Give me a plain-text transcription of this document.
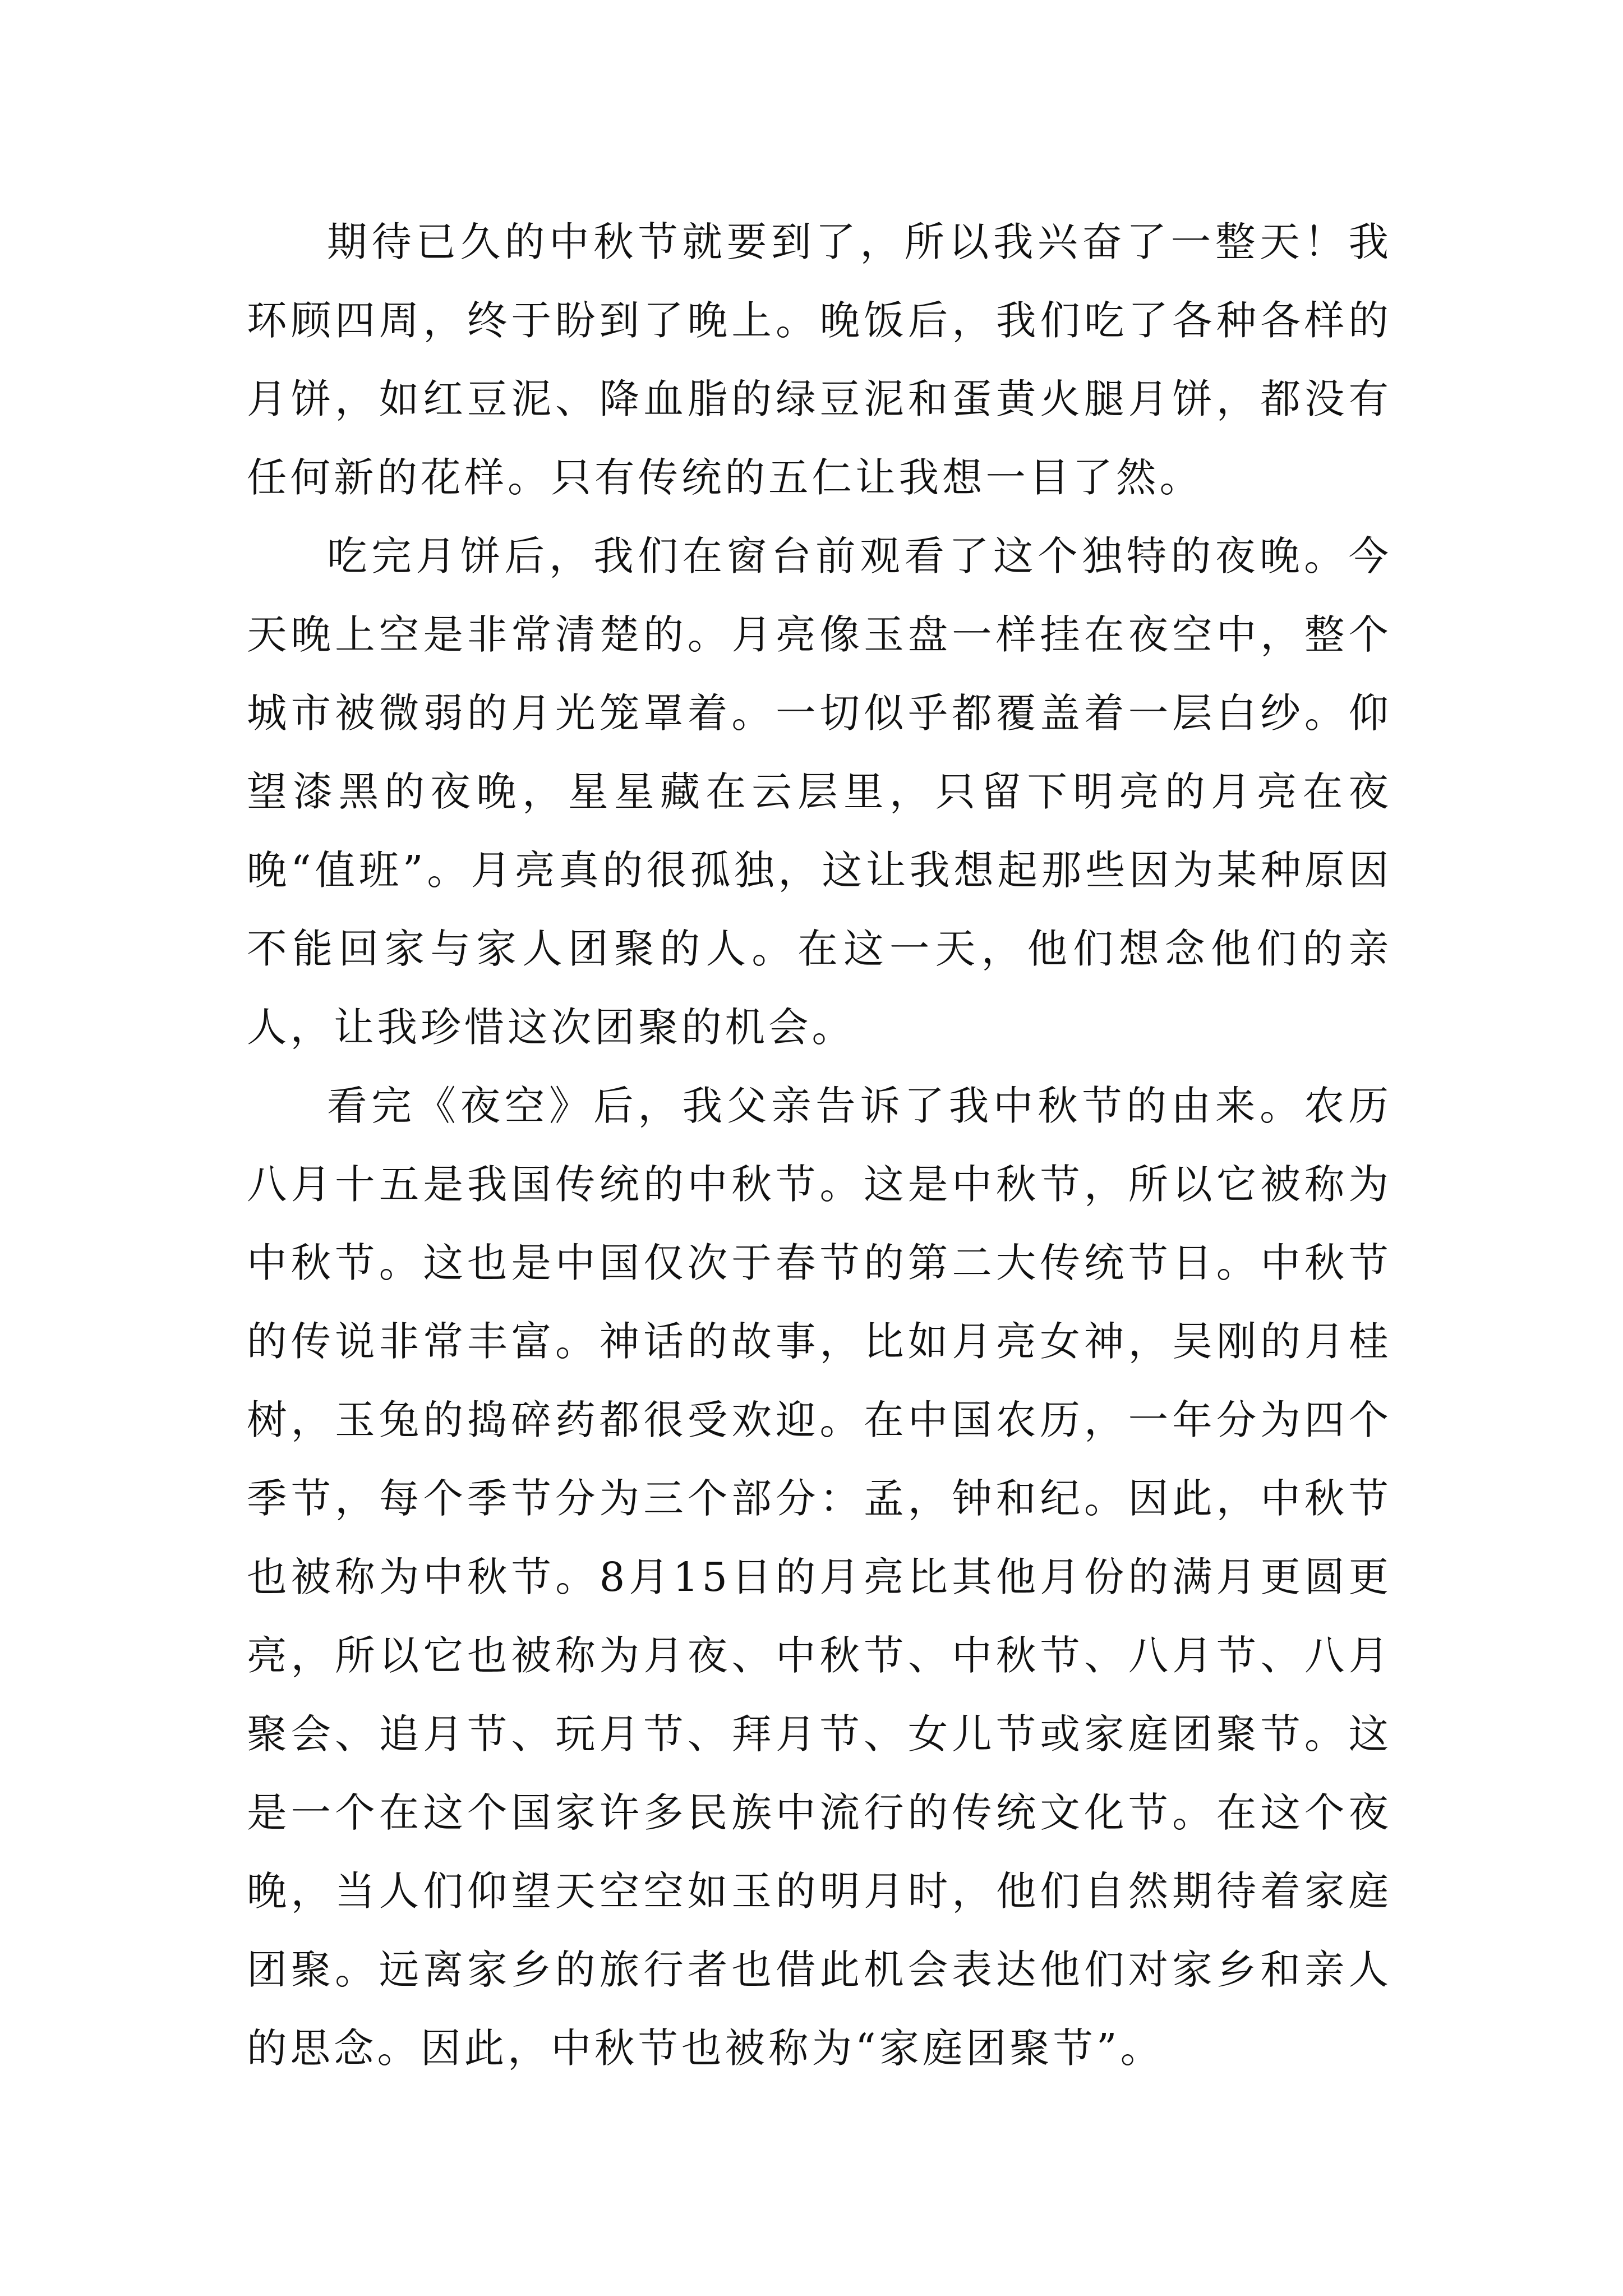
期待已久的中秋节就要到了，所以我兴奋了一整天！我环顾四周，终于盼到了晚上。晚饭后，我们吃了各种各样的月饼，如红豆泥、降血脂的绿豆泥和蛋黄火腿月饼，都没有任何新的花样。只有传统的五仁让我想一目了然。

吃完月饼后，我们在窗台前观看了这个独特的夜晚。今天晚上空是非常清楚的。月亮像玉盘一样挂在夜空中，整个城市被微弱的月光笼罩着。一切似乎都覆盖着一层白纱。仰望漆黑的夜晚，星星藏在云层里，只留下明亮的月亮在夜晚“值班”。月亮真的很孤独，这让我想起那些因为某种原因不能回家与家人团聚的人。在这一天，他们想念他们的亲人，让我珍惜这次团聚的机会。

看完《夜空》后，我父亲告诉了我中秋节的由来。农历八月十五是我国传统的中秋节。这是中秋节，所以它被称为中秋节。这也是中国仅次于春节的第二大传统节日。中秋节的传说非常丰富。神话的故事，比如月亮女神，吴刚的月桂树，玉兔的捣碎药都很受欢迎。在中国农历，一年分为四个季节，每个季节分为三个部分：孟，钟和纪。因此，中秋节也被称为中秋节。8月15日的月亮比其他月份的满月更圆更亮，所以它也被称为月夜、中秋节、中秋节、八月节、八月聚会、追月节、玩月节、拜月节、女儿节或家庭团聚节。这是一个在这个国家许多民族中流行的传统文化节。在这个夜晚，当人们仰望天空空如玉的明月时，他们自然期待着家庭团聚。远离家乡的旅行者也借此机会表达他们对家乡和亲人的思念。因此，中秋节也被称为“家庭团聚节”。
